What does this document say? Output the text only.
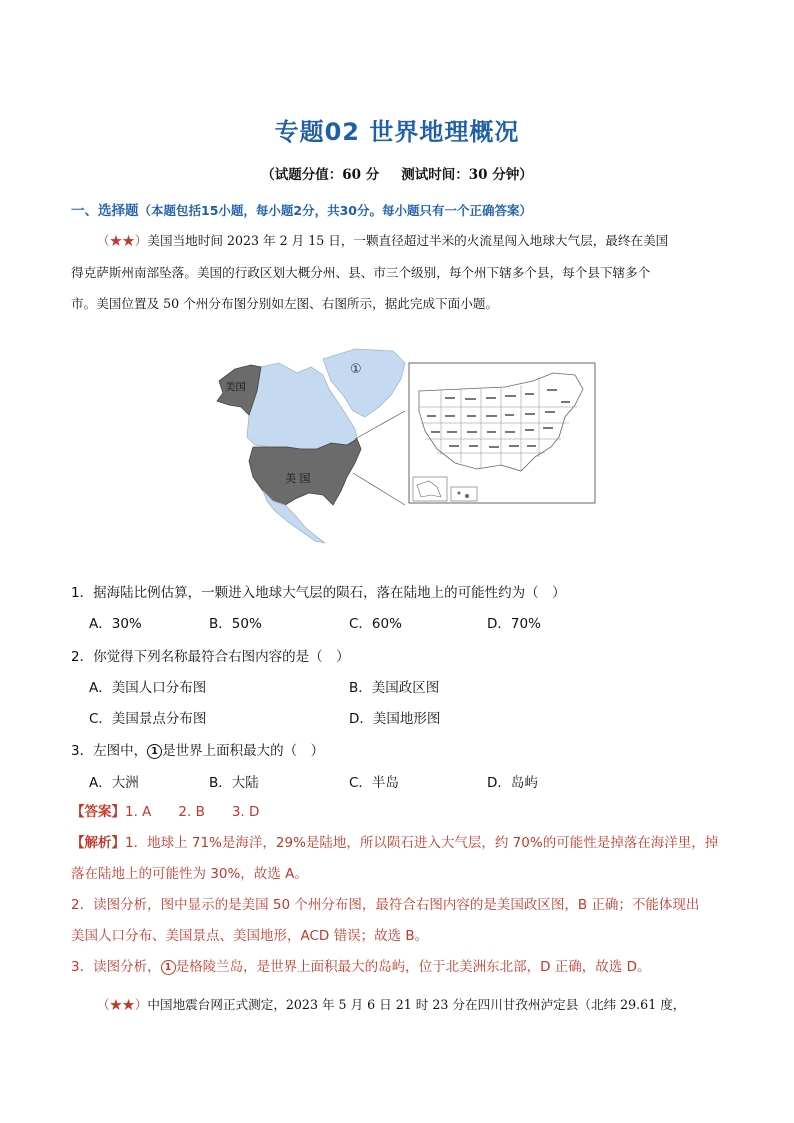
专题02 世界地理概况
（试题分值：60 分 测试时间：30 分钟）
一、选择题（本题包括15小题，每小题2分，共30分。每小题只有一个正确答案）
（★★）美国当地时间 2023 年 2 月 15 日，一颗直径超过半米的火流星闯入地球大气层，最终在美国
得克萨斯州南部坠落。美国的行政区划大概分州、县、市三个级别，每个州下辖多个县，每个县下辖多个
市。美国位置及 50 个州分布图分别如左图、右图所示，据此完成下面小题。
美国
美 国
①
1．据海陆比例估算，一颗进入地球大气层的陨石，落在陆地上的可能性约为（　）
A．30%	B．50%	C．60%	D．70%
2．你觉得下列名称最符合右图内容的是（　）
A．美国人口分布图	B．美国政区图
C．美国景点分布图	D．美国地形图
3．左图中， 1 是世界上面积最大的（　）
A．大洲	B．大陆	C．半岛	D．岛屿
【答案】1. A　　2. B　　3. D
【解析】1．地球上 71%是海洋，29%是陆地，所以陨石进入大气层，约 70%的可能性是掉落在海洋里，掉
落在陆地上的可能性为 30%，故选 A。
2．读图分析，图中显示的是美国 50 个州分布图，最符合右图内容的是美国政区图，B 正确；不能体现出
美国人口分布、美国景点、美国地形，ACD 错误；故选 B。
3．读图分析， 1 是格陵兰岛，是世界上面积最大的岛屿，位于北美洲东北部，D 正确，故选 D。
（★★）中国地震台网正式测定，2023 年 5 月 6 日 21 时 23 分在四川甘孜州泸定县（北纬 29.61 度，
